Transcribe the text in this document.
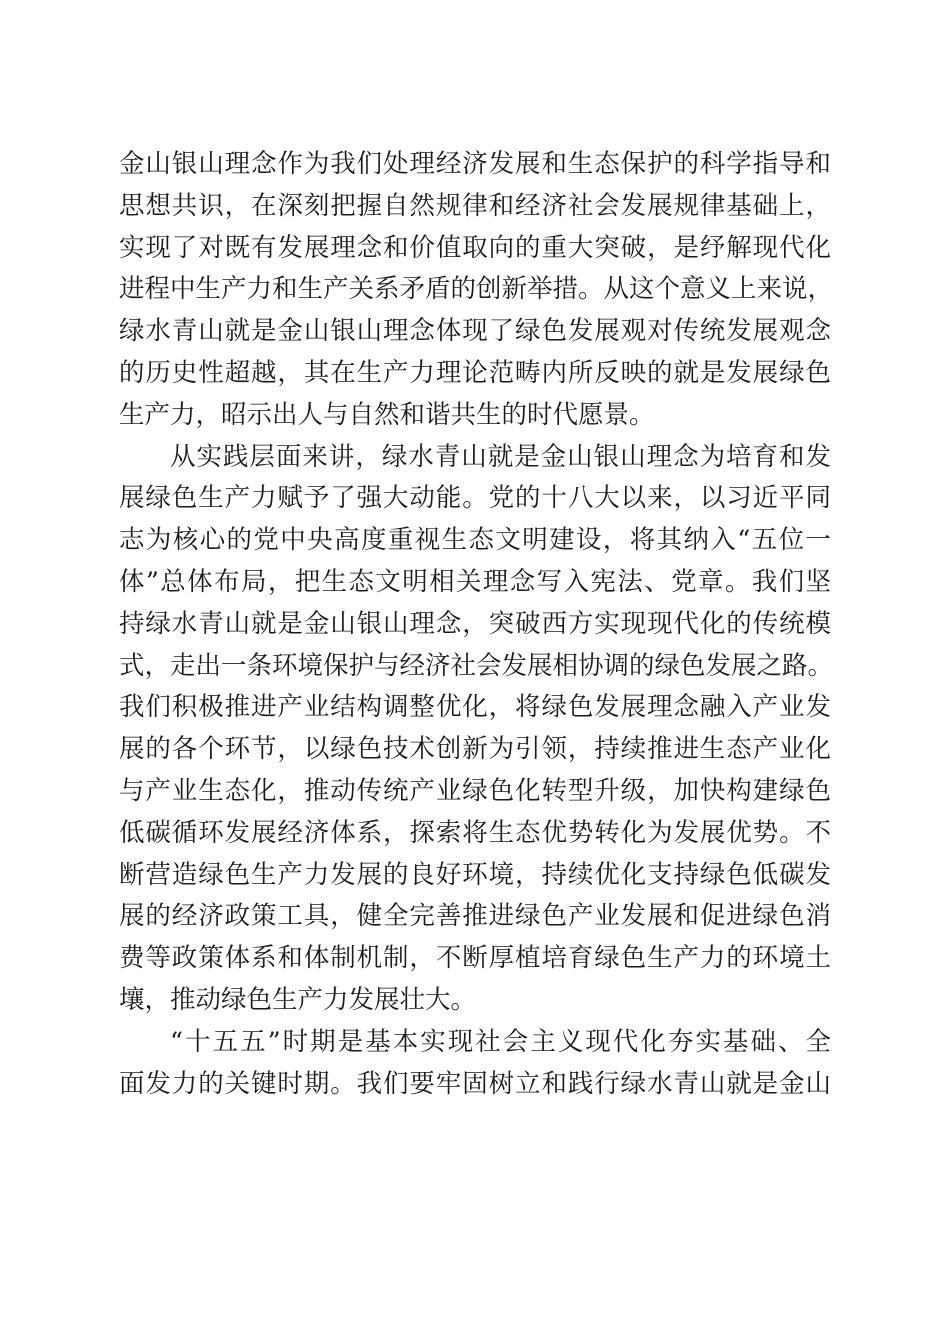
金山银山理念作为我们处理经济发展和生态保护的科学指导和
思想共识，在深刻把握自然规律和经济社会发展规律基础上，
实现了对既有发展理念和价值取向的重大突破，是纾解现代化
进程中生产力和生产关系矛盾的创新举措。从这个意义上来说，
绿水青山就是金山银山理念体现了绿色发展观对传统发展观念
的历史性超越，其在生产力理论范畴内所反映的就是发展绿色
生产力，昭示出人与自然和谐共生的时代愿景。
从实践层面来讲，绿水青山就是金山银山理念为培育和发
展绿色生产力赋予了强大动能。党的十八大以来，以习近平同
志为核心的党中央高度重视生态文明建设，将其纳入“五位一
体”总体布局，把生态文明相关理念写入宪法、党章。我们坚
持绿水青山就是金山银山理念，突破西方实现现代化的传统模
式，走出一条环境保护与经济社会发展相协调的绿色发展之路。
我们积极推进产业结构调整优化，将绿色发展理念融入产业发
展的各个环节，以绿色技术创新为引领，持续推进生态产业化
与产业生态化，推动传统产业绿色化转型升级，加快构建绿色
低碳循环发展经济体系，探索将生态优势转化为发展优势。不
断营造绿色生产力发展的良好环境，持续优化支持绿色低碳发
展的经济政策工具，健全完善推进绿色产业发展和促进绿色消
费等政策体系和体制机制，不断厚植培育绿色生产力的环境土
壤，推动绿色生产力发展壮大。
“十五五”时期是基本实现社会主义现代化夯实基础、全
面发力的关键时期。我们要牢固树立和践行绿水青山就是金山
